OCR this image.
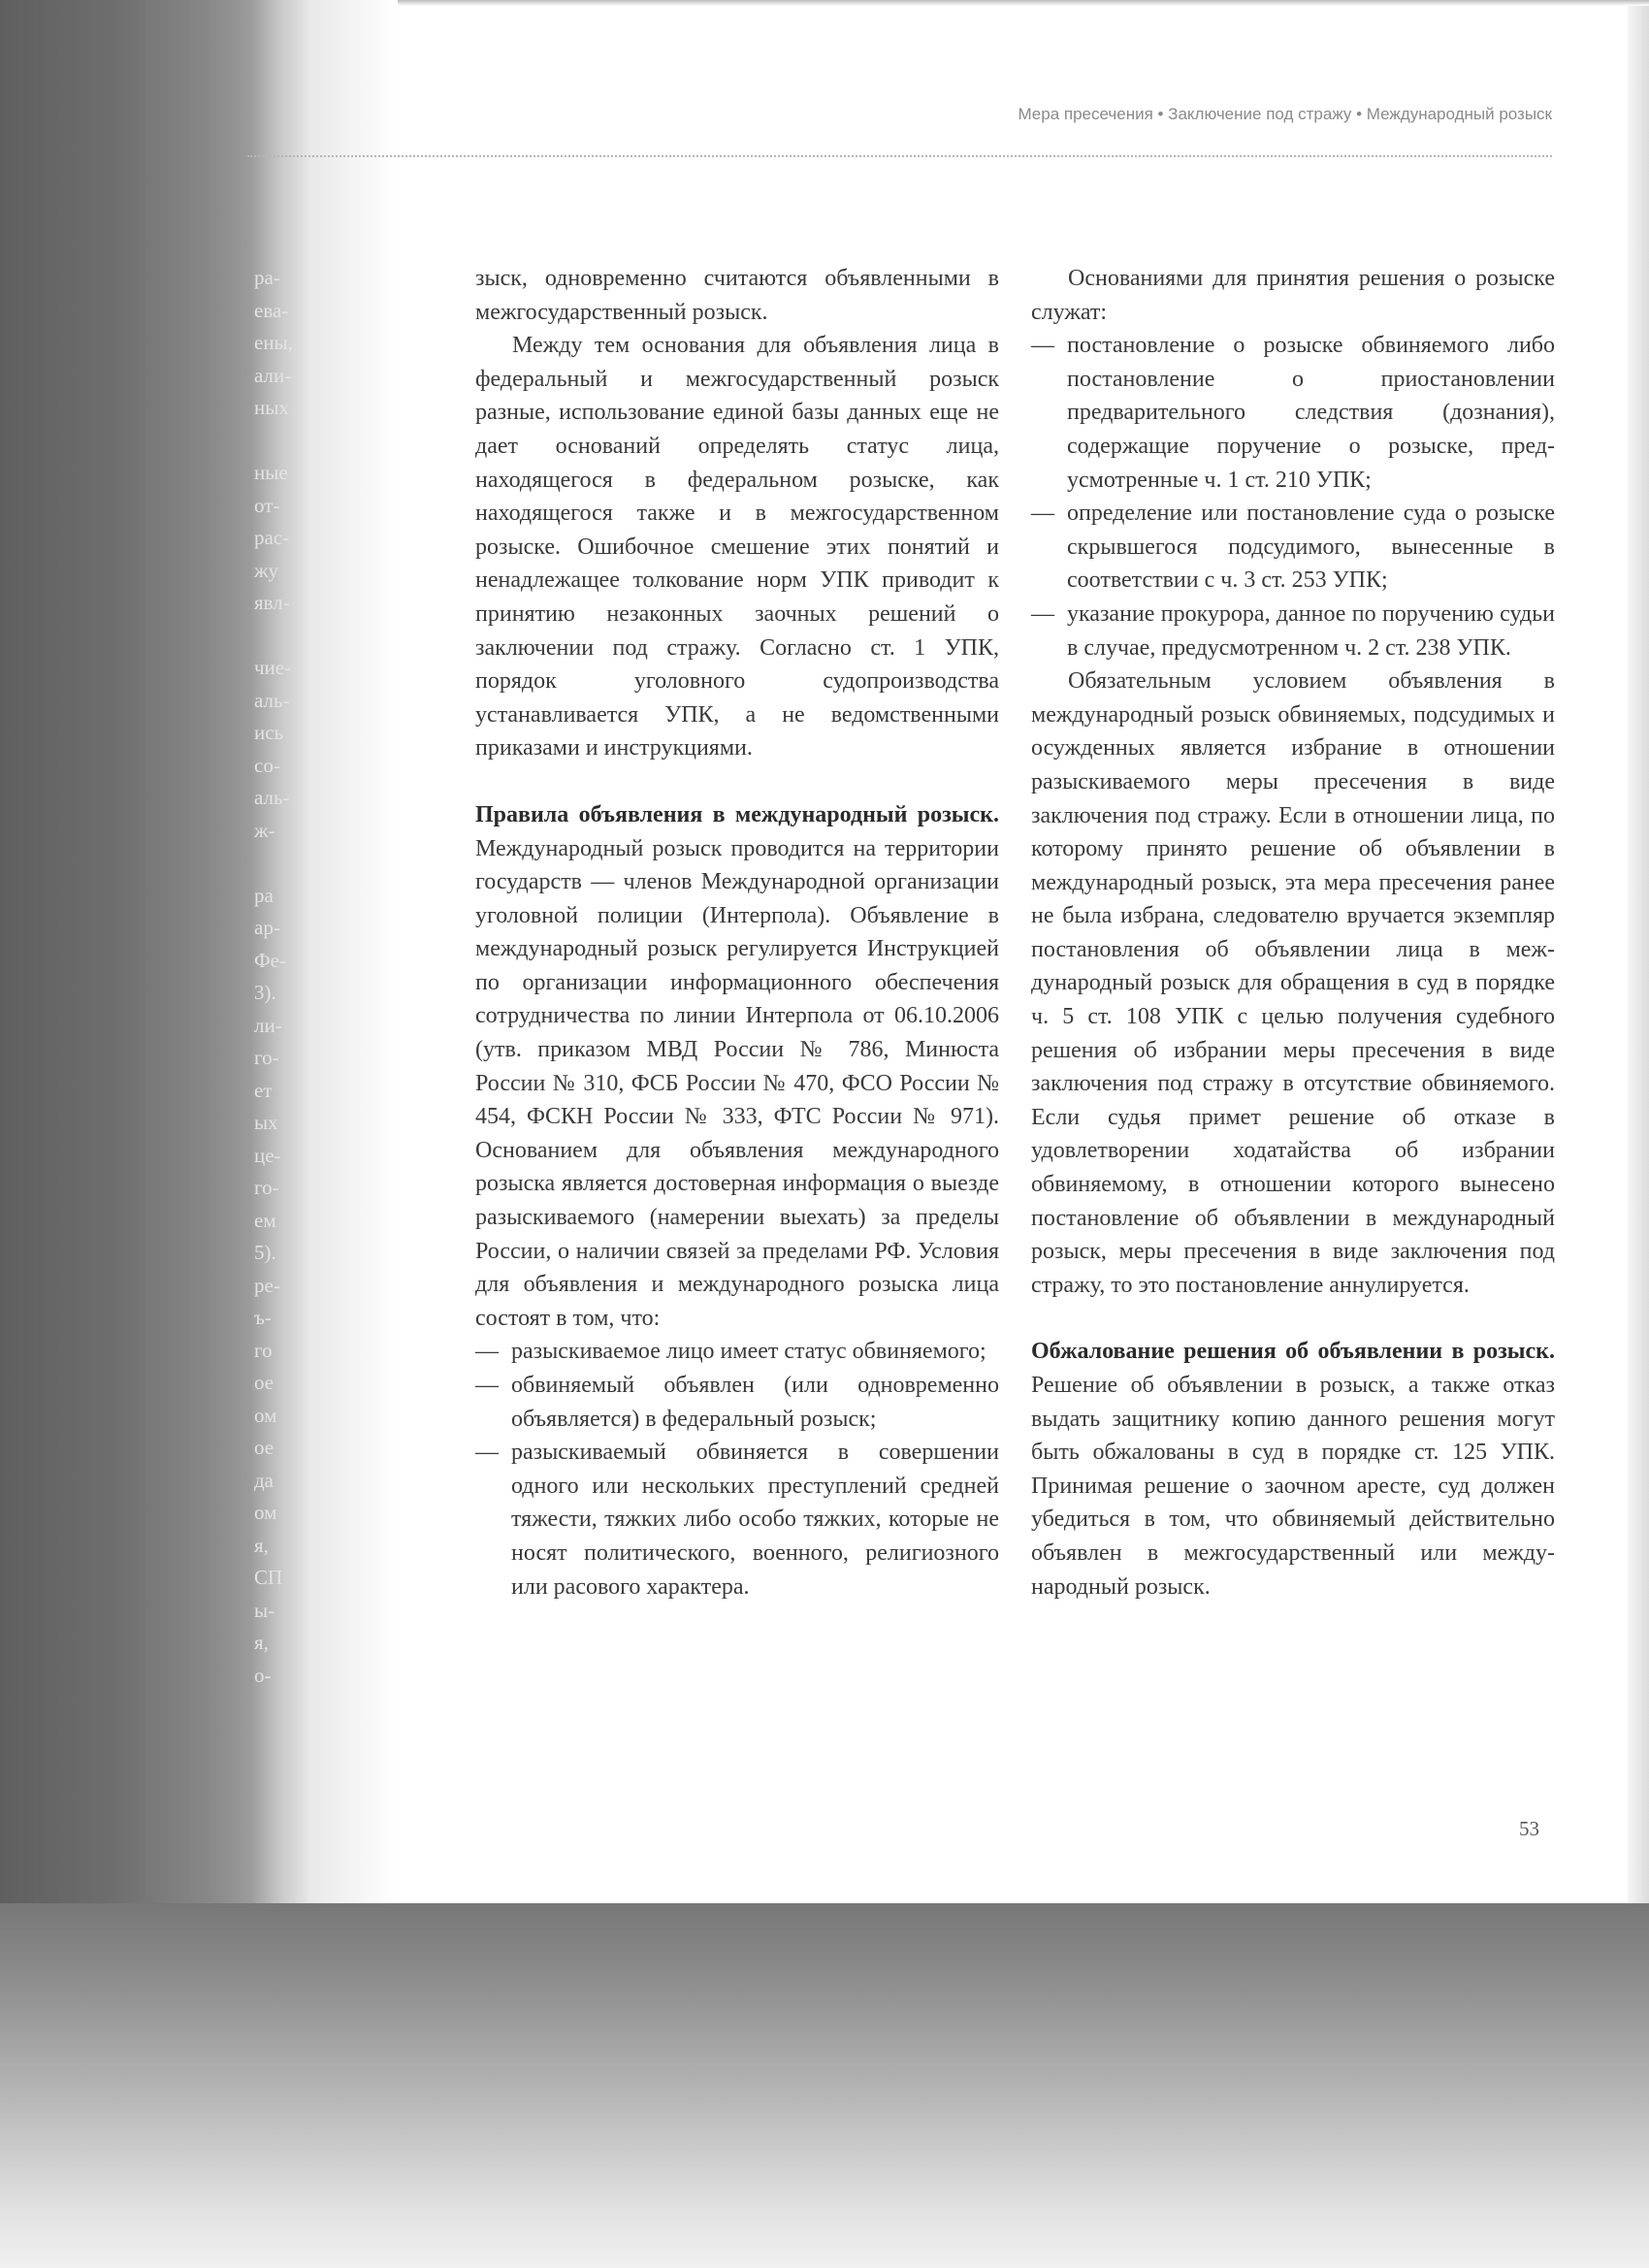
ра-
ева-
ены,
али-
ных
ные
от-
рас-
жу
явл-
чие-
аль-
ись
со-
аль-
ж-
ра
ар-
Фе-
3).
ли-
го-
ет
ых
це-
го-
ем
5).
ре-
ъ-
го
ое
ом
ое
да
ом
я,
СП
ы-
я,
о-
Мера пресечения • Заключение под стражу • Международный розыск

зыск, одновременно считаются объявленными в межгосударственный розыск.

Между тем основания для объявления лица в федеральный и межгосударственный розыск разные, использование единой базы данных еще не дает оснований определять статус лица, находящегося в федеральном розыске, как находящегося также и в межгосударственном розыске. Ошибочное смешение этих понятий и ненадлежащее толкование норм УПК приводит к принятию незаконных заочных решений о заключении под стражу. Согласно ст. 1 УПК, порядок уголовного судопроизводства устанавливается УПК, а не ведомственными приказами и инструкциями.

Правила объявления в международный розыск. Международный розыск проводится на территории государств — членов Международной организации уголовной полиции (Интерпола). Объявление в международный розыск регулируется Инструкцией по организации информационного обеспечения сотрудничества по линии Интерпола от 06.10.2006 (утв. приказом МВД России № 786, Минюста России № 310, ФСБ России № 470, ФСО России № 454, ФСКН России № 333, ФТС России № 971). Основанием для объявления международного розыска является достоверная информация о выезде разыскиваемого (намерении выехать) за пределы России, о наличии связей за пределами РФ. Условия для объявления и международного розыска лица состоят в том, что:

— разыскиваемое лицо имеет статус обвиняемого;
— обвиняемый объявлен (или одновременно объявляется) в федеральный розыск;
— разыскиваемый обвиняется в совершении одного или нескольких преступлений средней тяжести, тяжких либо особо тяжких, которые не носят политического, военного, религиозного или расового характера.

Основаниями для принятия решения о розыске служат:

— постановление о розыске обвиняемого либо постановление о приостановлении предварительного следствия (дознания), содержащие поручение о розыске, предусмотренные ч. 1 ст. 210 УПК;
— определение или постановление суда о розыске скрывшегося подсудимого, вынесенные в соответствии с ч. 3 ст. 253 УПК;
— указание прокурора, данное по поручению судьи в случае, предусмотренном ч. 2 ст. 238 УПК.

Обязательным условием объявления в международный розыск обвиняемых, подсудимых и осужденных является избрание в отношении разыскиваемого меры пресечения в виде заключения под стражу. Если в отношении лица, по которому принято решение об объявлении в международный розыск, эта мера пресечения ранее не была избрана, следователю вручается экземпляр постановления об объявлении лица в международный розыск для обращения в суд в порядке ч. 5 ст. 108 УПК с целью получения судебного решения об избрании меры пресечения в виде заключения под стражу в отсутствие обвиняемого. Если судья примет решение об отказе в удовлетворении ходатайства об избрании обвиняемому, в отношении которого вынесено постановление об объявлении в международный розыск, меры пресечения в виде заключения под стражу, то это постановление аннулируется.

Обжалование решения об объявлении в розыск. Решение об объявлении в розыск, а также отказ выдать защитнику копию данного решения могут быть обжалованы в суд в порядке ст. 125 УПК. Принимая решение о заочном аресте, суд должен убедиться в том, что обвиняемый действительно объявлен в межгосударственный или международный розыск.

53
